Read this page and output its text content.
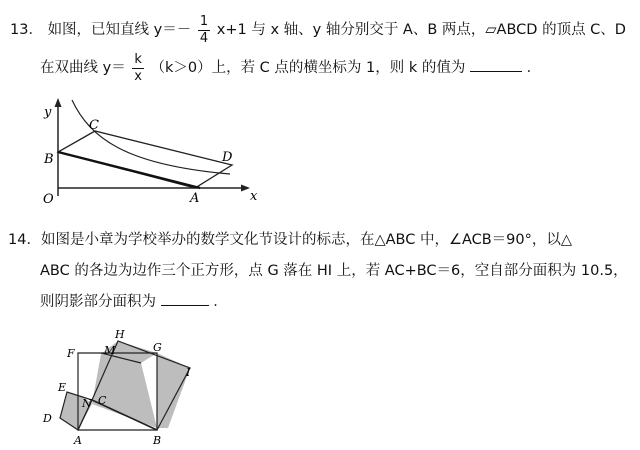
13． 如图，已知直线 $y=- \frac{1}{4} x+1$ 与 x 轴、y 轴分别交于 A、B 两点，▱ABCD 的顶点 C、D
在双曲线 $y= \frac{k}{x} (k>0)$上，若 C 点的横坐标为 1，则 k 的值为	．
y
x
O	A
B
C
D
14．如图是小章为学校举办的数学文化节设计的标志，在△ABC 中，∠ACB＝90°，以△
ABC 的各边为边作三个正方形，点 G 落在 HI 上，若 AC+BC＝6，空自部分面积为 10.5，
则阴影部分面积为	．
H
F	M	G
I
E
N C
D
A	B
